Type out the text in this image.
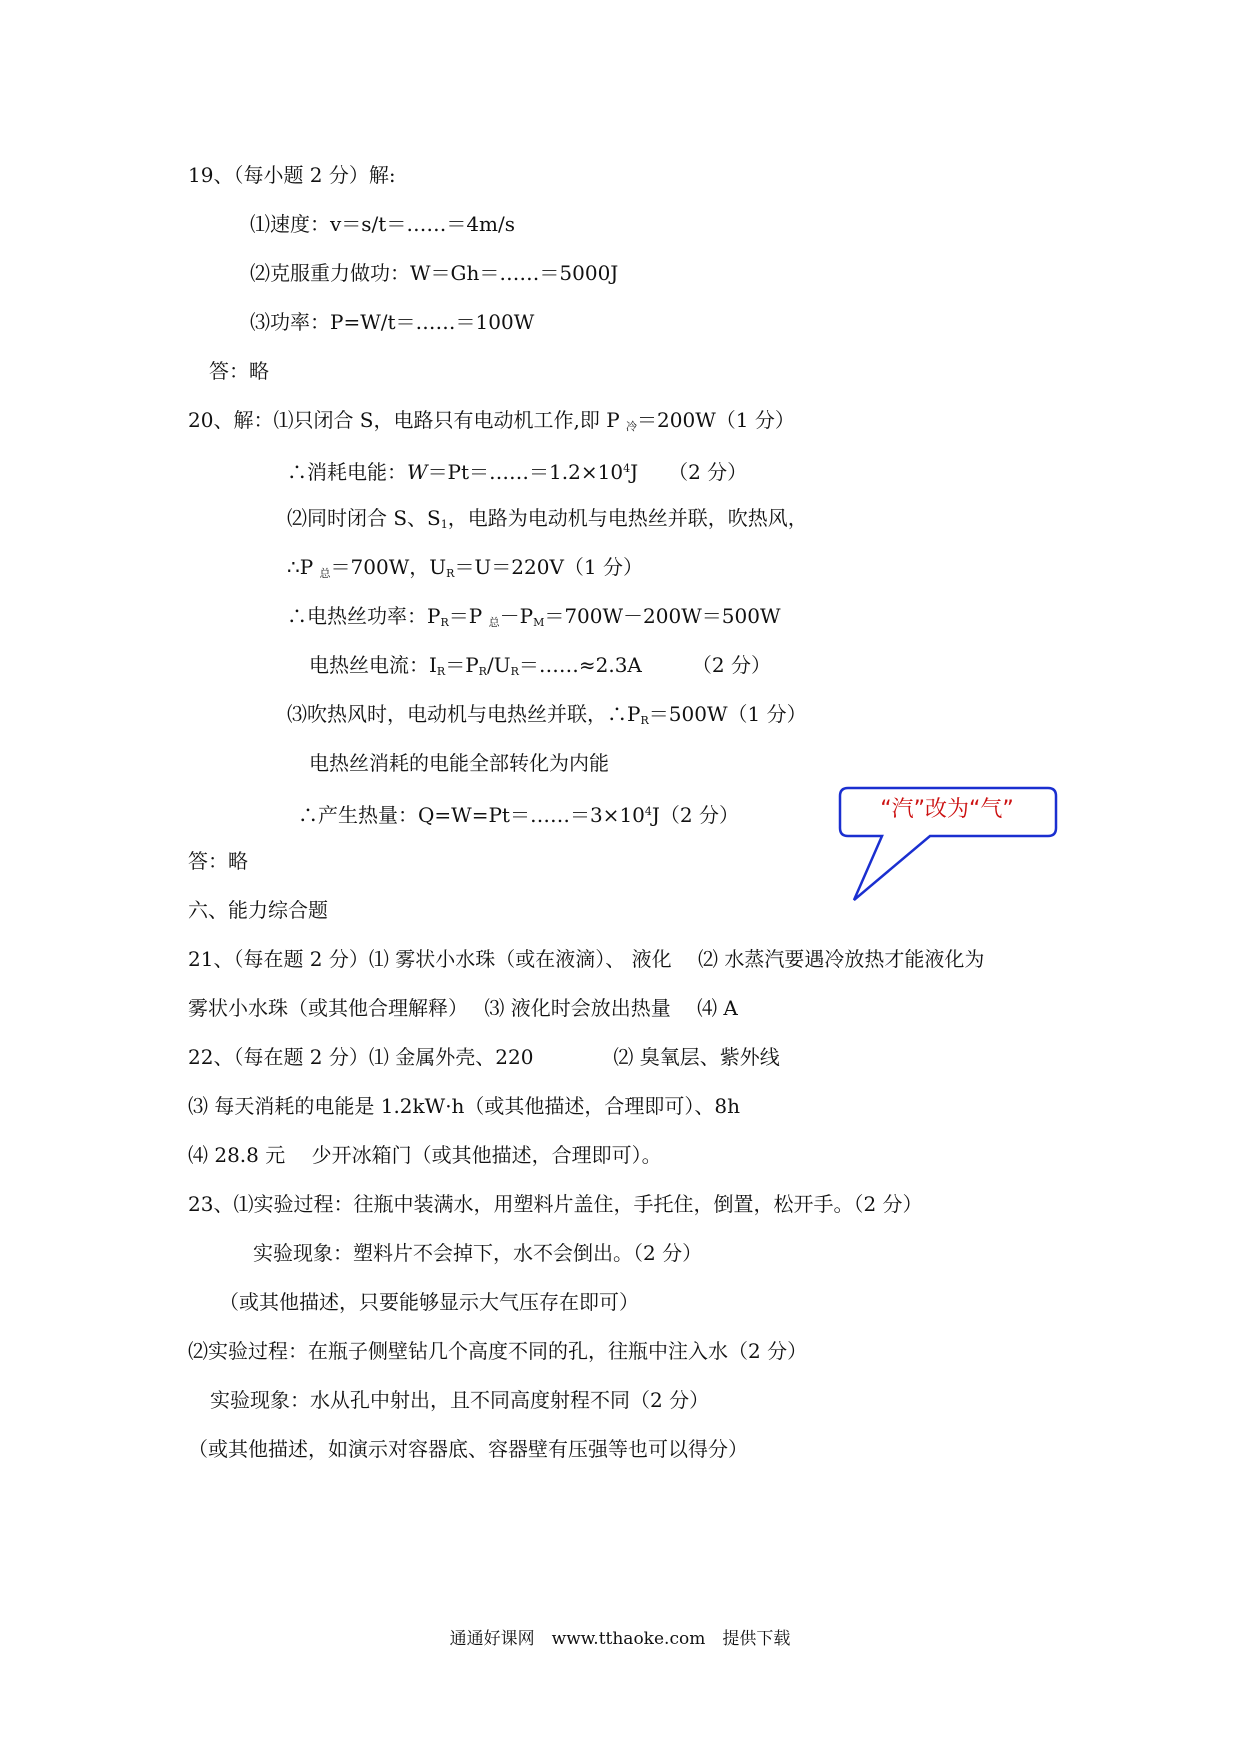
19、（每小题 2 分）解:
⑴速度：v＝s/t＝……＝4m/s
⑵克服重力做功：W＝Gh＝……＝5000J
⑶功率：P=W/t＝……＝100W
答：略
20、解：⑴只闭合 S，电路只有电动机工作,即 P $_冷$＝200W（1 分）
∴消耗电能：$W=Pt=\dots\dots=1.2\times 10^4J$　　（2 分）
⑵同时闭合 S、$S_1$，电路为电动机与电热丝并联，吹热风，
∴P $_总$＝700W，$U_R=U=220V(1$ 分）
∴电热丝功率：$P_R=P$ $_总-P_M=700W-200W=500W$
电热丝电流：$I_R=P_R/U_R=\dots\dots\approx 2.3A$　　　（2 分）
⑶吹热风时，电动机与电热丝并联，$\therefore P_R=500W(1$ 分）
电热丝消耗的电能全部转化为内能
∴产生热量：$Q=W=Pt=\dots\dots=3\times 10^4J(2$ 分）
答：略
六、能力综合题
21、（每在题 2 分）⑴ 雾状小水珠（或在液滴）、 液化　 ⑵ 水蒸汽要遇冷放热才能液化为
雾状小水珠（或其他合理解释）　 ⑶ 液化时会放出热量　 ⑷ A
22、（每在题 2 分）⑴ 金属外壳、220　　　　⑵ 臭氧层、紫外线
⑶ 每天消耗的电能是 1.2kW·h（或其他描述，合理即可）、8h
⑷ 28.8 元　 少开冰箱门（或其他描述，合理即可）。
23、⑴实验过程：往瓶中装满水，用塑料片盖住，手托住，倒置，松开手。（2 分）
实验现象：塑料片不会掉下，水不会倒出。（2 分）
（或其他描述，只要能够显示大气压存在即可）
⑵实验过程：在瓶子侧壁钻几个高度不同的孔，往瓶中注入水（2 分）
实验现象：水从孔中射出，且不同高度射程不同（2 分）
（或其他描述，如演示对容器底、容器壁有压强等也可以得分）
“汽”改为“气”
通通好课网　www.tthaoke.com　提供下载
